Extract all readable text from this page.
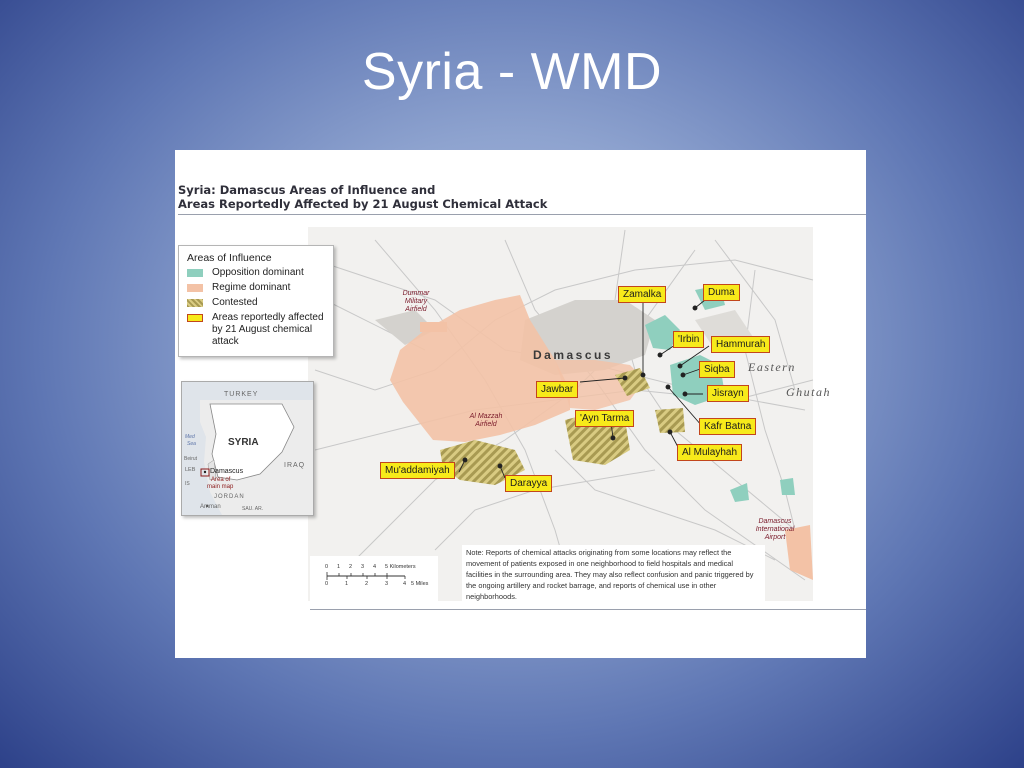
Syria - WMD
Syria: Damascus Areas of Influence and
Areas Reportedly Affected by 21 August Chemical Attack
Damascus
Eastern
Ghutah
Dummar
Military
Airfield
Al Mazzah
Airfield
Damascus
International
Airport
Zamalka	Duma
'Irbin	Hammurah
Jawbar
Siqba
Jisrayn
'Ayn Tarma
Kafr Batna
Al Mulayhah
Mu'addamiyah
Darayya
Areas of Influence
Opposition dominant
Regime dominant
Contested
Areas reportedly affected by 21 August chemical attack
TURKEY
SYRIA
IRAQ
Med
Sea
Beirut
LEB Damascus
Area of
main map
IS
JORDAN
Amman	SAU. AR.
0 1 2 3 4 5 Kilometers
0	1	2	3	4 5 Miles
Note: Reports of chemical attacks originating from some locations may reflect the movement of patients exposed in one neighborhood to field hospitals and medical facilities in the surrounding area. They may also reflect confusion and panic triggered by the ongoing artillery and rocket barrage, and reports of chemical use in other neighborhoods.
